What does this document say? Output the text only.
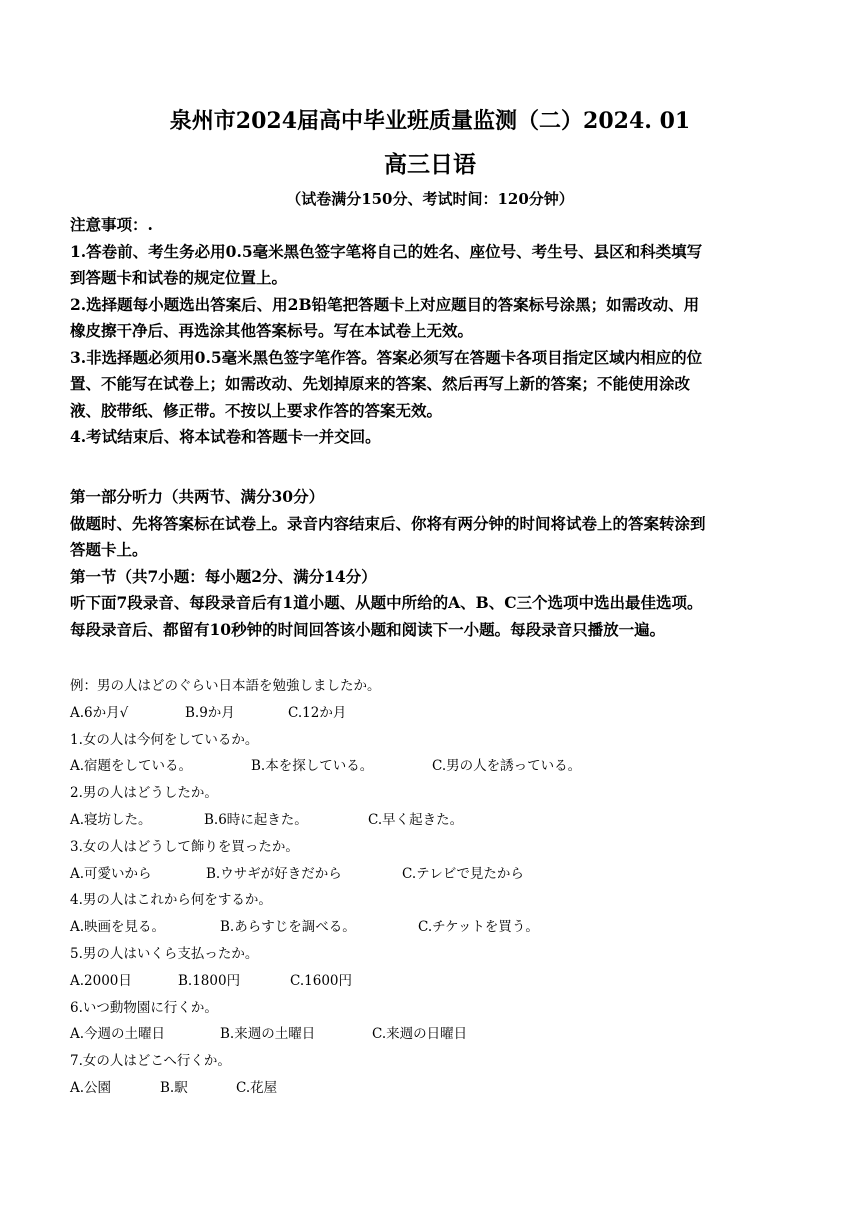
泉州市2024届高中毕业班质量监测（二）2024. 01
高三日语
（试卷满分150分、考试时间：120分钟）
注意事项：.
1.答卷前、考生务必用0.5毫米黑色签字笔将自己的姓名、座位号、考生号、县区和科类填写
到答题卡和试卷的规定位置上。
2.选择题每小题选出答案后、用2B铅笔把答题卡上对应题目的答案标号涂黑；如需改动、用
橡皮擦干净后、再选涂其他答案标号。写在本试卷上无效。
3.非选择题必须用0.5毫米黑色签字笔作答。答案必须写在答题卡各项目指定区域内相应的位
置、不能写在试卷上；如需改动、先划掉原来的答案、然后再写上新的答案；不能使用涂改
液、胶带纸、修正带。不按以上要求作答的答案无效。
4.考试结束后、将本试卷和答题卡一并交回。
第一部分听力（共两节、满分30分）
做题时、先将答案标在试卷上。录音内容结束后、你将有两分钟的时间将试卷上的答案转涂到
答题卡上。
第一节（共7小题：每小题2分、满分14分）
听下面7段录音、每段录音后有1道小题、从题中所给的A、B、C三个选项中选出最佳选项。
每段录音后、都留有10秒钟的时间回答该小题和阅读下一小题。每段录音只播放一遍。
例：男の人はどのぐらい日本語を勉強しましたか。
A.6か月√	B.9か月	C.12か月
1.女の人は今何をしているか。
A.宿題をしている。	B.本を探している。	C.男の人を誘っている。
2.男の人はどうしたか。
A.寝坊した。	B.6時に起きた。	C.早く起きた。
3.女の人はどうして飾りを買ったか。
A.可愛いから	B.ウサギが好きだから	C.テレビで見たから
4.男の人はこれから何をするか。
A.映画を見る。	B.あらすじを調べる。	C.チケットを買う。
5.男の人はいくら支払ったか。
A.2000日	B.1800円	C.1600円
6.いつ動物園に行くか。
A.今週の土曜日	B.来週の土曜日	C.来週の日曜日
7.女の人はどこへ行くか。
A.公園	B.駅	C.花屋
